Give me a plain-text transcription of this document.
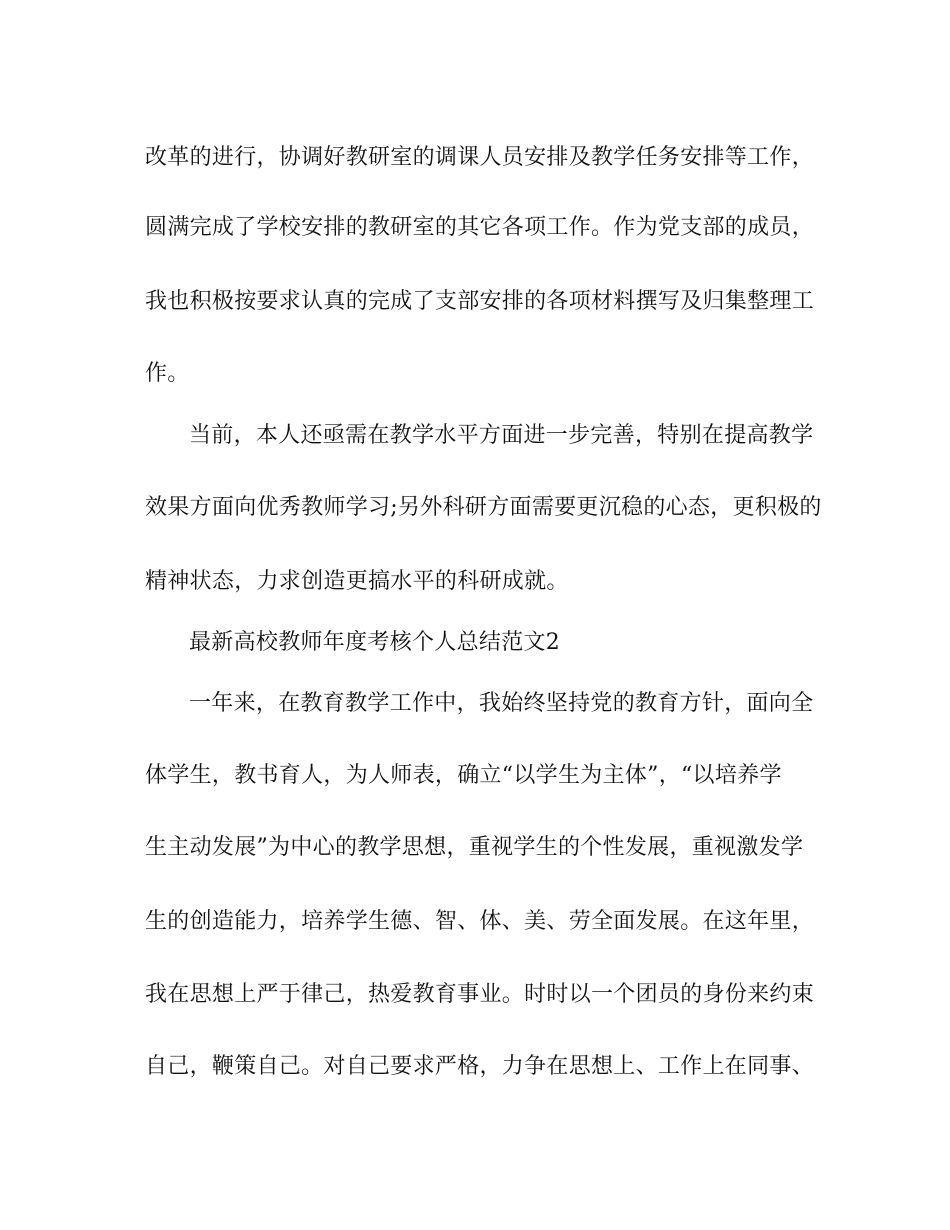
改革的进行，协调好教研室的调课人员安排及教学任务安排等工作，
圆满完成了学校安排的教研室的其它各项工作。作为党支部的成员，
我也积极按要求认真的完成了支部安排的各项材料撰写及归集整理工
作。
当前，本人还亟需在教学水平方面进一步完善，特别在提高教学
效果方面向优秀教师学习;另外科研方面需要更沉稳的心态，更积极的
精神状态，力求创造更搞水平的科研成就。
最新高校教师年度考核个人总结范文2
一年来，在教育教学工作中，我始终坚持党的教育方针，面向全
体学生，教书育人，为人师表，确立“以学生为主体”，“以培养学
生主动发展”为中心的教学思想，重视学生的个性发展，重视激发学
生的创造能力，培养学生德、智、体、美、劳全面发展。在这年里，
我在思想上严于律己，热爱教育事业。时时以一个团员的身份来约束
自己，鞭策自己。对自己要求严格，力争在思想上、工作上在同事、
